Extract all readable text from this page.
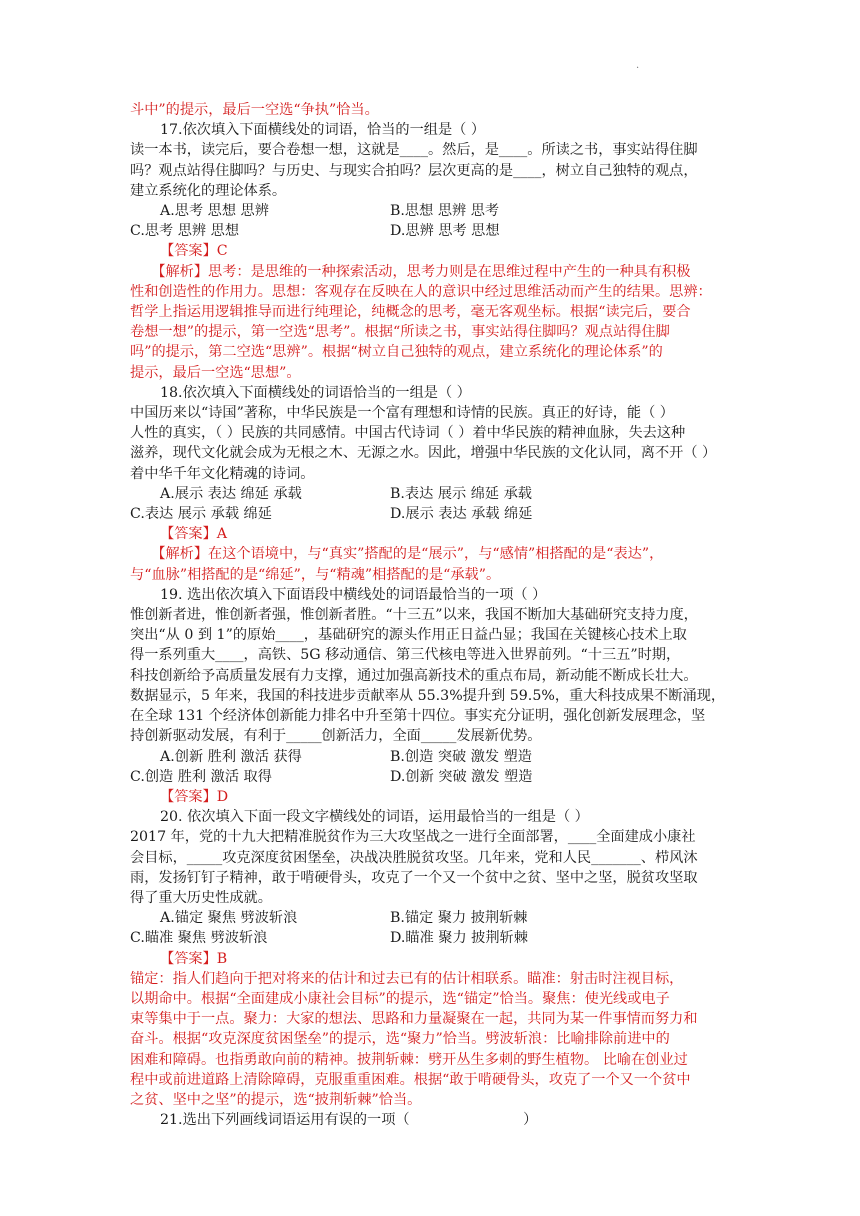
.
斗中”的提示，最后一空选“争执”恰当。
17.依次填入下面横线处的词语，恰当的一组是（ ）
读一本书，读完后，要合卷想一想，这就是____。然后，是____。所读之书，事实站得住脚
吗？观点站得住脚吗？与历史、与现实合拍吗？层次更高的是____，树立自己独特的观点，
建立系统化的理论体系。
A.思考 思想 思辨	B.思想 思辨 思考
C.思考 思辨 思想	D.思辨 思考 思想
【答案】C
　　【解析】思考：是思维的一种探索活动，思考力则是在思维过程中产生的一种具有积极
性和创造性的作用力。思想：客观存在反映在人的意识中经过思维活动而产生的结果。思辨：
哲学上指运用逻辑推导而进行纯理论，纯概念的思考，毫无客观坐标。根据“读完后，要合
卷想一想”的提示，第一空选“思考”。根据“所读之书，事实站得住脚吗？观点站得住脚
吗”的提示，第二空选“思辨”。根据“树立自己独特的观点，建立系统化的理论体系”的
提示，最后一空选“思想”。
18.依次填入下面横线处的词语恰当的一组是（ ）
中国历来以“诗国”著称，中华民族是一个富有理想和诗情的民族。真正的好诗，能（ ）
人性的真实，（ ）民族的共同感情。中国古代诗词（ ）着中华民族的精神血脉，失去这种
滋养，现代文化就会成为无根之木、无源之水。因此，增强中华民族的文化认同，离不开（ ）
着中华千年文化精魂的诗词。
A.展示 表达 绵延 承载	B.表达 展示 绵延 承载
C.表达 展示 承载 绵延	D.展示 表达 承载 绵延
【答案】A
　　【解析】在这个语境中，与“真实”搭配的是“展示”，与“感情”相搭配的是“表达”，
与“血脉”相搭配的是“绵延”，与“精魂”相搭配的是“承载”。
19. 选出依次填入下面语段中横线处的词语最恰当的一项（ ）
惟创新者进，惟创新者强，惟创新者胜。“十三五”以来，我国不断加大基础研究支持力度，
突出“从 0 到 1”的原始____，基础研究的源头作用正日益凸显；我国在关键核心技术上取
得一系列重大____，高铁、5G 移动通信、第三代核电等进入世界前列。“十三五”时期，
科技创新给予高质量发展有力支撑，通过加强高新技术的重点布局，新动能不断成长壮大。
数据显示，5 年来，我国的科技进步贡献率从 55.3%提升到 59.5%，重大科技成果不断涌现，
在全球 131 个经济体创新能力排名中升至第十四位。事实充分证明，强化创新发展理念，坚
持创新驱动发展，有利于_____创新活力，全面_____发展新优势。
A.创新 胜利 激活 获得	B.创造 突破 激发 塑造
C.创造 胜利 激活 取得	D.创新 突破 激发 塑造
【答案】D
20. 依次填入下面一段文字横线处的词语，运用最恰当的一组是（ ）
2017 年，党的十九大把精准脱贫作为三大攻坚战之一进行全面部署，____全面建成小康社
会目标，_____攻克深度贫困堡垒，决战决胜脱贫攻坚。几年来，党和人民_______、栉风沐
雨，发扬钉钉子精神，敢于啃硬骨头，攻克了一个又一个贫中之贫、坚中之坚，脱贫攻坚取
得了重大历史性成就。
A.锚定 聚焦 劈波斩浪	B.锚定 聚力 披荆斩棘
C.瞄准 聚焦 劈波斩浪	D.瞄准 聚力 披荆斩棘
【答案】B
锚定：指人们趋向于把对将来的估计和过去已有的估计相联系。瞄准：射击时注视目标，
以期命中。根据“全面建成小康社会目标”的提示，选“锚定”恰当。聚焦：使光线或电子
束等集中于一点。聚力：大家的想法、思路和力量凝聚在一起，共同为某一件事情而努力和
奋斗。根据“攻克深度贫困堡垒”的提示，选“聚力”恰当。劈波斩浪：比喻排除前进中的
困难和障碍。也指勇敢向前的精神。披荆斩棘：劈开丛生多刺的野生植物。 比喻在创业过
程中或前进道路上清除障碍，克服重重困难。根据“敢于啃硬骨头，攻克了一个又一个贫中
之贫、坚中之坚”的提示，选“披荆斩棘”恰当。
21.选出下列画线词语运用有误的一项（　　　　　　　　）
